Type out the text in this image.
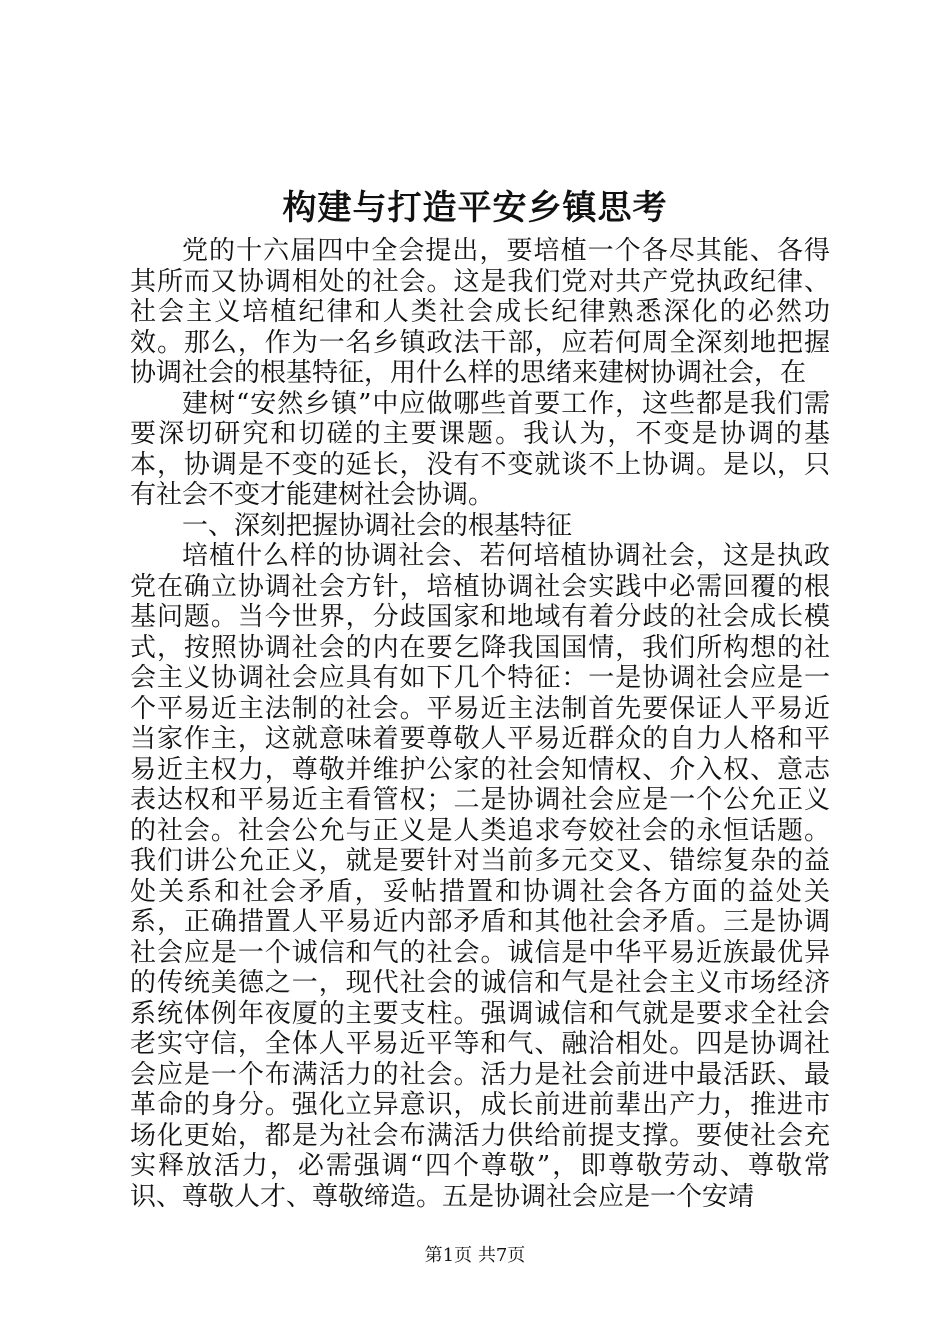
构建与打造平安乡镇思考

党的十六届四中全会提出，要培植一个各尽其能、各得其所而又协调相处的社会。这是我们党对共产党执政纪律、社会主义培植纪律和人类社会成长纪律熟悉深化的必然功效。那么，作为一名乡镇政法干部，应若何周全深刻地把握协调社会的根基特征，用什么样的思绪来建树协调社会，在

建树“安然乡镇”中应做哪些首要工作，这些都是我们需要深切研究和切磋的主要课题。我认为，不变是协调的基本，协调是不变的延长，没有不变就谈不上协调。是以，只有社会不变才能建树社会协调。

一、深刻把握协调社会的根基特征

培植什么样的协调社会、若何培植协调社会，这是执政党在确立协调社会方针，培植协调社会实践中必需回覆的根基问题。当今世界，分歧国家和地域有着分歧的社会成长模式，按照协调社会的内在要乞降我国国情，我们所构想的社会主义协调社会应具有如下几个特征：一是协调社会应是一个平易近主法制的社会。平易近主法制首先要保证人平易近当家作主，这就意味着要尊敬人平易近群众的自力人格和平易近主权力，尊敬并维护公家的社会知情权、介入权、意志表达权和平易近主看管权；二是协调社会应是一个公允正义的社会。社会公允与正义是人类追求夸姣社会的永恒话题。我们讲公允正义，就是要针对当前多元交叉、错综复杂的益处关系和社会矛盾，妥帖措置和协调社会各方面的益处关系，正确措置人平易近内部矛盾和其他社会矛盾。三是协调社会应是一个诚信和气的社会。诚信是中华平易近族最优异的传统美德之一，现代社会的诚信和气是社会主义市场经济系统体例年夜厦的主要支柱。强调诚信和气就是要求全社会老实守信，全体人平易近平等和气、融洽相处。四是协调社会应是一个布满活力的社会。活力是社会前进中最活跃、最革命的身分。强化立异意识，成长前进前辈出产力，推进市场化更始，都是为社会布满活力供给前提支撑。要使社会充实释放活力，必需强调“四个尊敬”，即尊敬劳动、尊敬常识、尊敬人才、尊敬缔造。五是协调社会应是一个安靖

第1页 共7页
